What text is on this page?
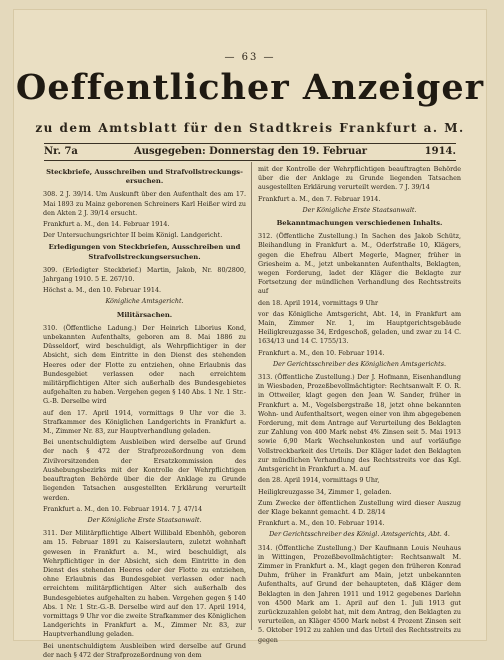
— 63 —
Oeffentlicher Anzeiger
zu dem Amtsblatt für den Stadtkreis Frankfurt a. M.
Nr. 7a	Ausgegeben: Donnerstag den 19. Februar	1914.

Steckbriefe, Ausschreiben und Strafvollstreckungs-ersuchen.

308. 2 J. 39/14. Um Auskunft über den Aufenthalt des am 17. Mai 1893 zu Mainz geborenen Schreiners Karl Heißer wird zu den Akten 2 J. 39/14 ersucht.

Frankfurt a. M., den 14. Februar 1914.

Der Untersuchungsrichter II beim Königl. Landgericht.

Erledigungen von Steckbriefen, Ausschreiben und Strafvollstreckungsersuchen.

309. (Erledigter Steckbrief.) Martin, Jakob, Nr. 80/2800, Jahrgang 1910. 5 E. 267/10.

Höchst a. M., den 10. Februar 1914.

Königliche Amtsgericht.

Militärsachen.

310. (Öffentliche Ladung.) Der Heinrich Liborius Kond, unbekannten Aufenthalts, geboren am 8. Mai 1886 zu Düsseldorf, wird beschuldigt, als Wehrpflichtiger in der Absicht, sich dem Eintritte in den Dienst des stehenden Heeres oder der Flotte zu entziehen, ohne Erlaubnis das Bundesgebiet verlassen oder nach erreichtem militärpflichtigen Alter sich außerhalb des Bundesgebietes aufgehalten zu haben. Vergehen gegen § 140 Abs. 1 Nr. 1 Str.-G.-B. Derselbe wird

auf den 17. April 1914, vormittags 9 Uhr vor die 3. Strafkammer des Königlichen Landgerichts in Frankfurt a. M., Zimmer Nr. 83, zur Hauptverhandlung geladen.

Bei unentschuldigtem Ausbleiben wird derselbe auf Grund der nach § 472 der Strafprozeßordnung von dem Zivilvorsitzenden der Ersatzkommission des Aushebungsbezirks mit der Kontrolle der Wehrpflichtigen beauftragten Behörde über die der Anklage zu Grunde liegenden Tatsachen ausgestellten Erklärung verurteilt werden.

Frankfurt a. M., den 10. Februar 1914. 7 J. 47/14

Der Königliche Erste Staatsanwalt.

311. Der Militärpflichtige Albert Willibald Ebenhöh, geboren am 15. Februar 1891 zu Kaiserslautern, zuletzt wohnhaft gewesen in Frankfurt a. M., wird beschuldigt, als Wehrpflichtiger in der Absicht, sich dem Eintritte in den Dienst des stehenden Heeres oder der Flotte zu entziehen, ohne Erlaubnis das Bundesgebiet verlassen oder nach erreichtem militärpflichtigen Alter sich außerhalb des Bundesgebietes aufgehalten zu haben. Vergehen gegen § 140 Abs. 1 Nr. 1 Str.-G.-B. Derselbe wird auf den 17. April 1914, vormittags 9 Uhr vor die zweite Strafkammer des Königlichen Landgerichts in Frankfurt a. M., Zimmer Nr. 83, zur Hauptverhandlung geladen.

Bei unentschuldigtem Ausbleiben wird derselbe auf Grund der nach § 472 der Strafprozeßordnung von dem

mit der Kontrolle der Wehrpflichtigen beauftragten Behörde über die der Anklage zu Grunde liegenden Tatsachen ausgestellten Erklärung verurteilt werden. 7 J. 39/14

Frankfurt a. M., den 7. Februar 1914.

Der Königliche Erste Staatsanwalt.

Bekanntmachungen verschiedenen Inhalts.

312. (Öffentliche Zustellung.) In Sachen des Jakob Schütz, Bleihandlung in Frankfurt a. M., Oderfstraße 10, Klägers, gegen die Ehefrau Albert Megerle, Magner, früher in Griesheim a. M., jetzt unbekannten Aufenthalts, Beklagten, wegen Forderung, ladet der Kläger die Beklagte zur Fortsetzung der mündlichen Verhandlung des Rechtsstreits auf

den 18. April 1914, vormittags 9 Uhr

vor das Königliche Amtsgericht, Abt. 14, in Frankfurt am Main, Zimmer Nr. 1, im Hauptgerichtsgebäude Heiligkreuzgasse 34, Erdgeschoß, geladen, und zwar zu 14 C. 1634/13 und 14 C. 1755/13.

Frankfurt a. M., den 10. Februar 1914.

Der Gerichtsschreiber des Königlichen Amtsgerichts.

313. (Öffentliche Zustellung.) Der J. Hofmann, Eisenhandlung in Wiesbaden, Prozeßbevollmächtigter: Rechtsanwalt F. O. R. in Ottweiler, klagt gegen den Jean W. Sander, früher in Frankfurt a. M., Vogelsbergstraße 18, jetzt ohne bekannten Wohn- und Aufenthaltsort, wegen einer von ihm abgegebenen Forderung, mit dem Antrage auf Verurteilung des Beklagten zur Zahlung von 400 Mark nebst 4% Zinsen seit 5. Mai 1913 sowie 6,90 Mark Wechselunkosten und auf vorläufige Vollstreckbarkeit des Urteils. Der Kläger ladet den Beklagten zur mündlichen Verhandlung des Rechtsstreits vor das Kgl. Amtsgericht in Frankfurt a. M. auf

den 28. April 1914, vormittags 9 Uhr,

Heiligkreuzgasse 34, Zimmer 1, geladen.

Zum Zwecke der öffentlichen Zustellung wird dieser Auszug der Klage bekannt gemacht. 4 D. 28/14

Frankfurt a. M., den 10. Februar 1914.

Der Gerichtsschreiber des Königl. Amtsgerichts, Abt. 4.

314. (Öffentliche Zustellung.) Der Kaufmann Louis Neuhaus in Wittingen, Prozeßbevollmächtigter: Rechtsanwalt M. Zimmer in Frankfurt a. M., klagt gegen den früheren Konrad Duhm, früher in Frankfurt am Main, jetzt unbekannten Aufenthalts, auf Grund der behaupteten, daß Kläger dem Beklagten in den Jahren 1911 und 1912 gegebenes Darlehn von 4500 Mark am 1. April auf den 1. Juli 1913 gut zurückzuzahlen gelobt hat, mit dem Antrag, den Beklagten zu verurteilen, an Kläger 4500 Mark nebst 4 Prozent Zinsen seit 5. Oktober 1912 zu zahlen und das Urteil des Rechtsstreits zu gegen
